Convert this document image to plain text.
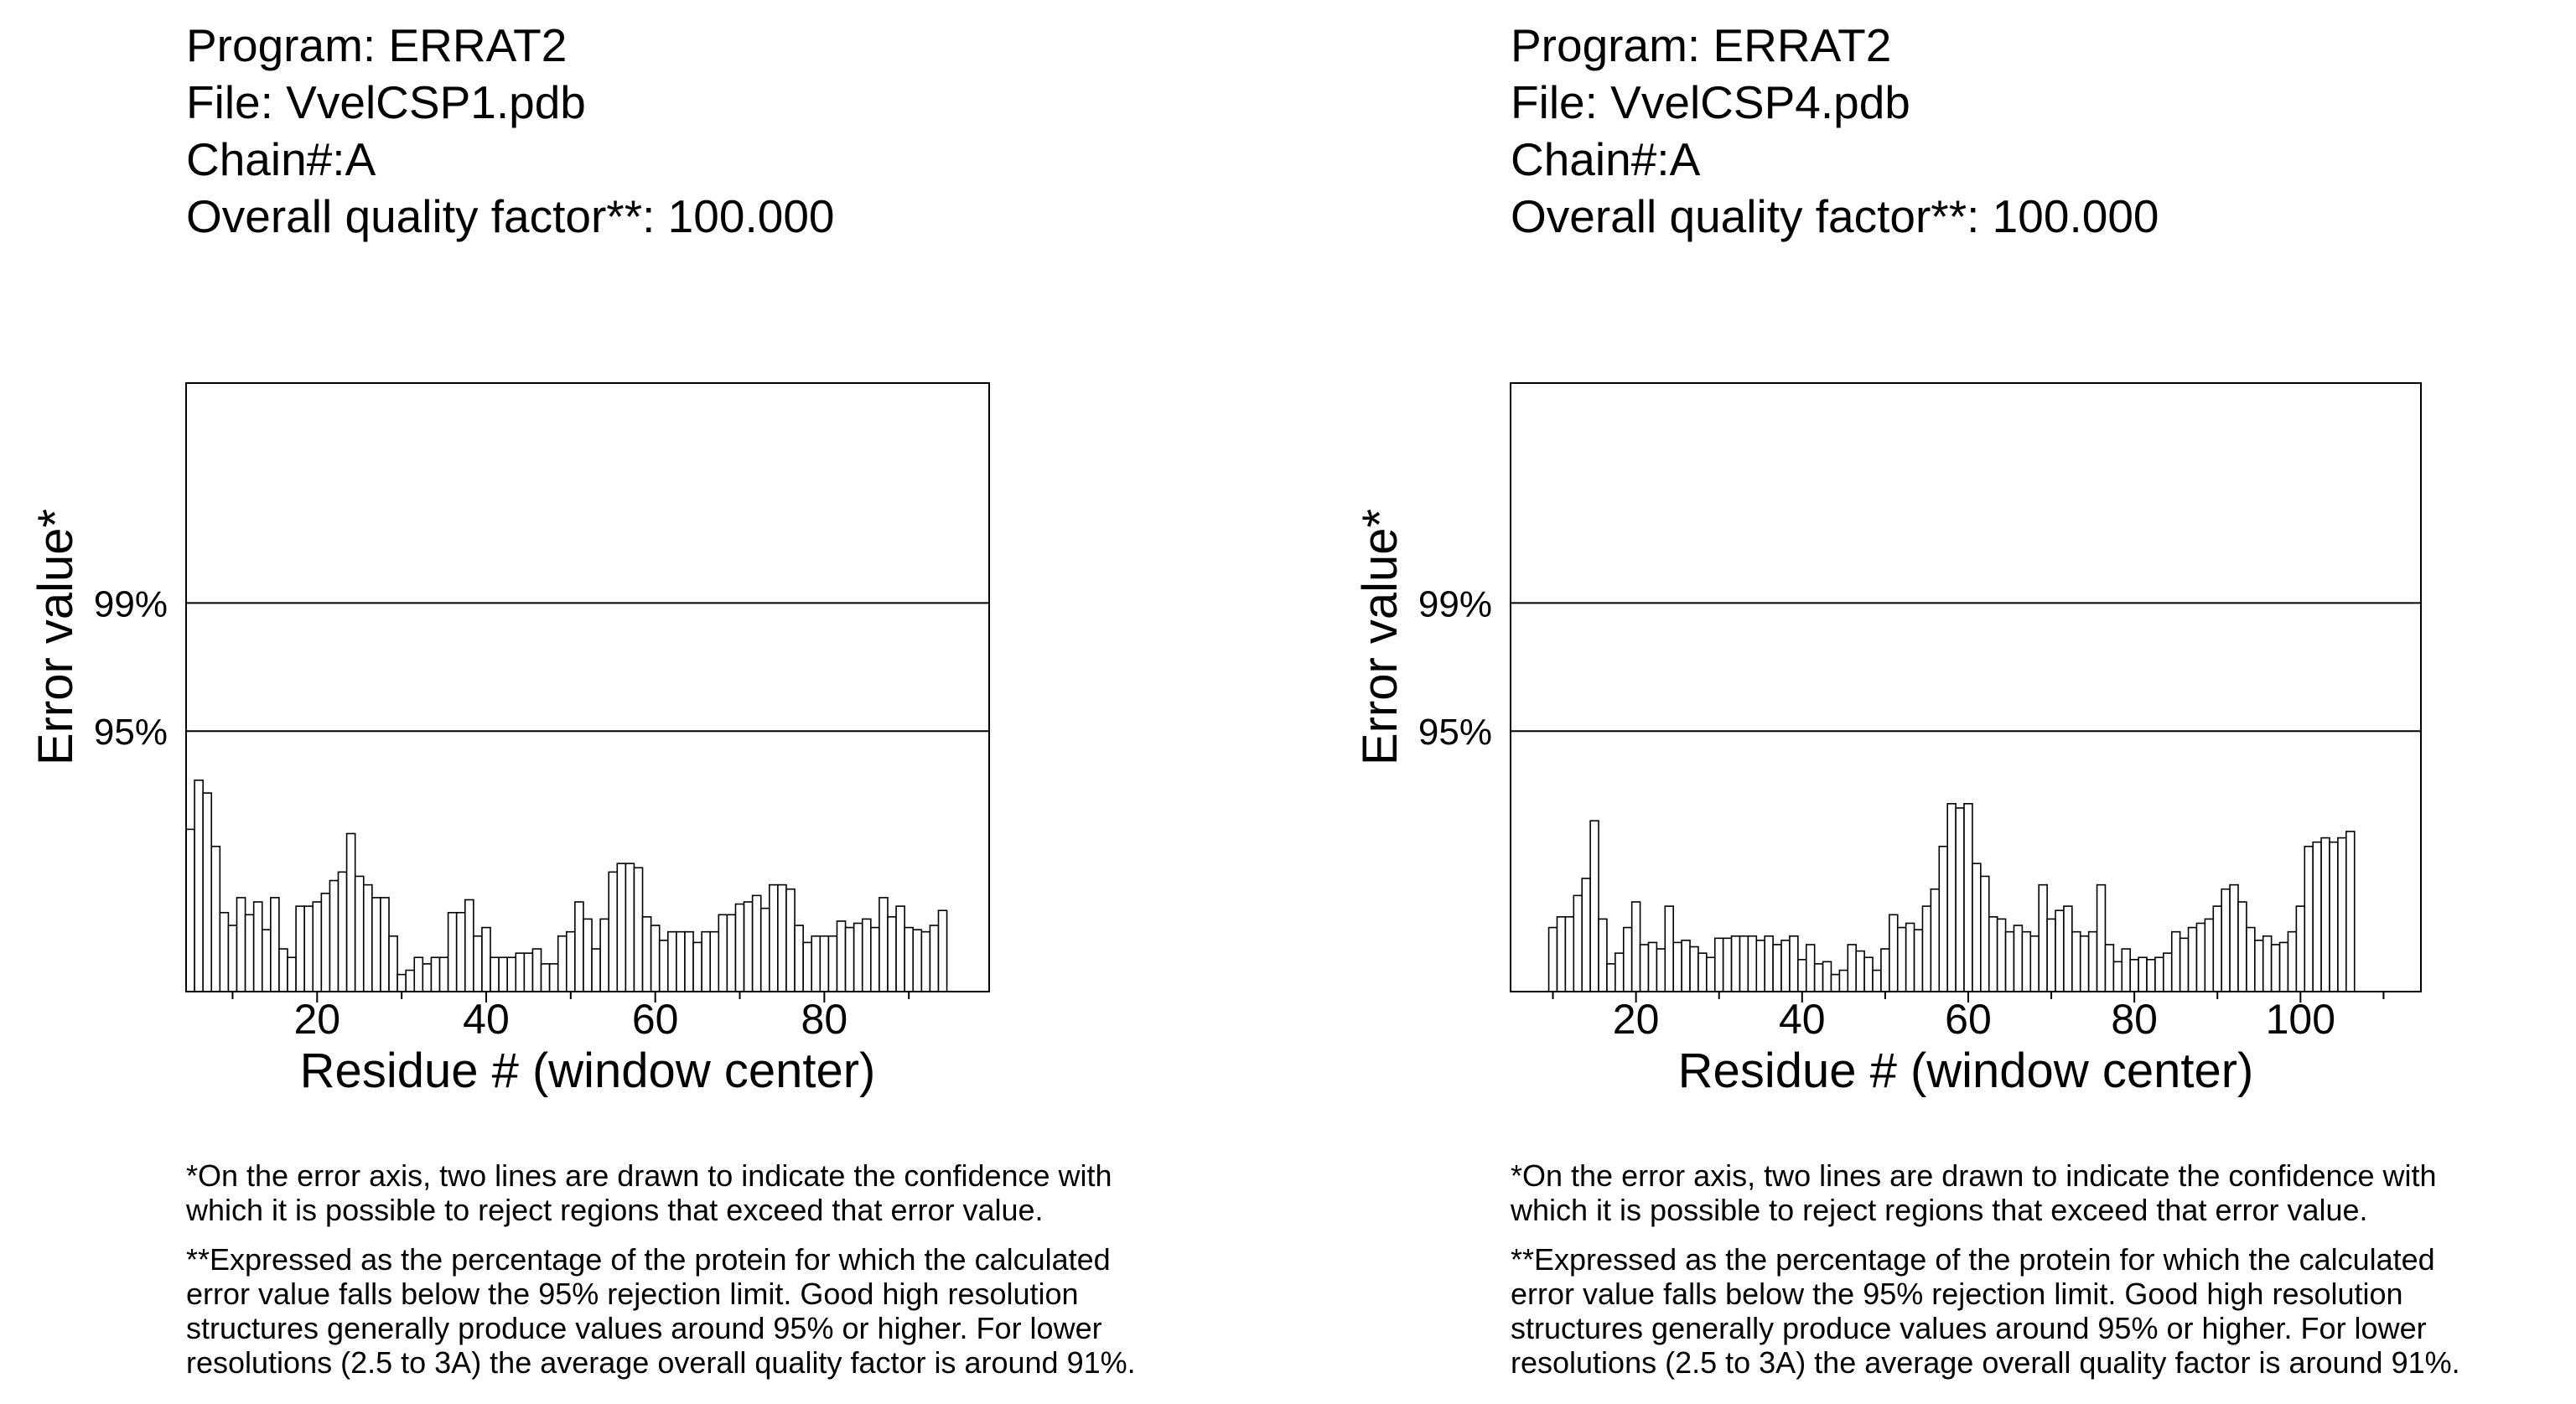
Program: ERRAT2
File: VvelCSP1.pdb
Chain#:A
Overall quality factor**: 100.000
95%
99%
20	40	60	80
Residue # (window center)
Error value*
*On the error axis, two lines are drawn to indicate the confidence with
which it is possible to reject regions that exceed that error value.
**Expressed as the percentage of the protein for which the calculated
error value falls below the 95% rejection limit. Good high resolution
structures generally produce values around 95% or higher. For lower
resolutions (2.5 to 3A) the average overall quality factor is around 91%.
Program: ERRAT2
File: VvelCSP4.pdb
Chain#:A
Overall quality factor**: 100.000
95%
99%
20	40	60	80	100
Residue # (window center)
Error value*
*On the error axis, two lines are drawn to indicate the confidence with
which it is possible to reject regions that exceed that error value.
**Expressed as the percentage of the protein for which the calculated
error value falls below the 95% rejection limit. Good high resolution
structures generally produce values around 95% or higher. For lower
resolutions (2.5 to 3A) the average overall quality factor is around 91%.
